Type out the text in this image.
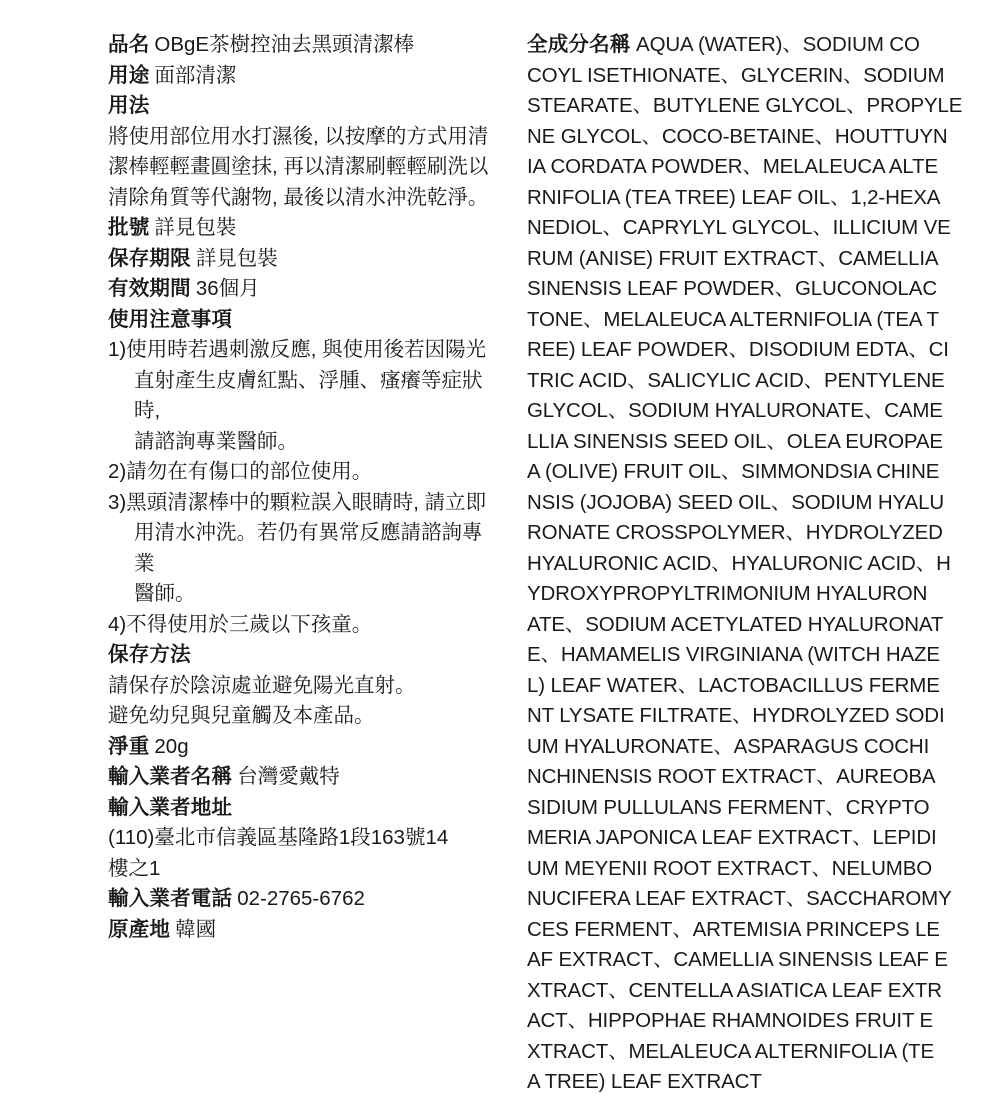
品名 OBgE茶樹控油去黑頭清潔棒

用途 面部清潔

用法

將使用部位用水打濕後, 以按摩的方式用清

潔棒輕輕畫圓塗抹, 再以清潔刷輕輕刷洗以

清除角質等代謝物, 最後以清水沖洗乾淨。

批號 詳見包裝

保存期限 詳見包裝

有效期間 36個月

使用注意事項

1)使用時若遇刺激反應, 與使用後若因陽光
直射產生皮膚紅點、浮腫、瘙癢等症狀時,
請諮詢專業醫師。

2)請勿在有傷口的部位使用。

3)黑頭清潔棒中的顆粒誤入眼睛時, 請立即
用清水沖洗。若仍有異常反應請諮詢專業
醫師。

4)不得使用於三歲以下孩童。

保存方法

請保存於陰涼處並避免陽光直射。

避免幼兒與兒童觸及本產品。

淨重 20g

輸入業者名稱 台灣愛戴特

輸入業者地址

(110)臺北市信義區基隆路1段163號14

樓之1

輸入業者電話 02-2765-6762

原產地 韓國

全成分名稱 AQUA (WATER)、SODIUM CO

COYL ISETHIONATE、GLYCERIN、SODIUM

STEARATE、BUTYLENE GLYCOL、PROPYLE

NE GLYCOL、COCO-BETAINE、HOUTTUYN

IA CORDATA POWDER、MELALEUCA ALTE

RNIFOLIA (TEA TREE) LEAF OIL、1,2-HEXA

NEDIOL、CAPRYLYL GLYCOL、ILLICIUM VE

RUM (ANISE) FRUIT EXTRACT、CAMELLIA

SINENSIS LEAF POWDER、GLUCONOLAC

TONE、MELALEUCA ALTERNIFOLIA (TEA T

REE) LEAF POWDER、DISODIUM EDTA、CI

TRIC ACID、SALICYLIC ACID、PENTYLENE

GLYCOL、SODIUM HYALURONATE、CAME

LLIA SINENSIS SEED OIL、OLEA EUROPAE

A (OLIVE) FRUIT OIL、SIMMONDSIA CHINE

NSIS (JOJOBA) SEED OIL、SODIUM HYALU

RONATE CROSSPOLYMER、HYDROLYZED

HYALURONIC ACID、HYALURONIC ACID、H

YDROXYPROPYLTRIMONIUM HYALURON

ATE、SODIUM ACETYLATED HYALURONAT

E、HAMAMELIS VIRGINIANA (WITCH HAZE

L) LEAF WATER、LACTOBACILLUS FERME

NT LYSATE FILTRATE、HYDROLYZED SODI

UM HYALURONATE、ASPARAGUS COCHI

NCHINENSIS ROOT EXTRACT、AUREOBA

SIDIUM PULLULANS FERMENT、CRYPTO

MERIA JAPONICA LEAF EXTRACT、LEPIDI

UM MEYENII ROOT EXTRACT、NELUMBO

NUCIFERA LEAF EXTRACT、SACCHAROMY

CES FERMENT、ARTEMISIA PRINCEPS LE

AF EXTRACT、CAMELLIA SINENSIS LEAF E

XTRACT、CENTELLA ASIATICA LEAF EXTR

ACT、HIPPOPHAE RHAMNOIDES FRUIT E

XTRACT、MELALEUCA ALTERNIFOLIA (TE

A TREE) LEAF EXTRACT
